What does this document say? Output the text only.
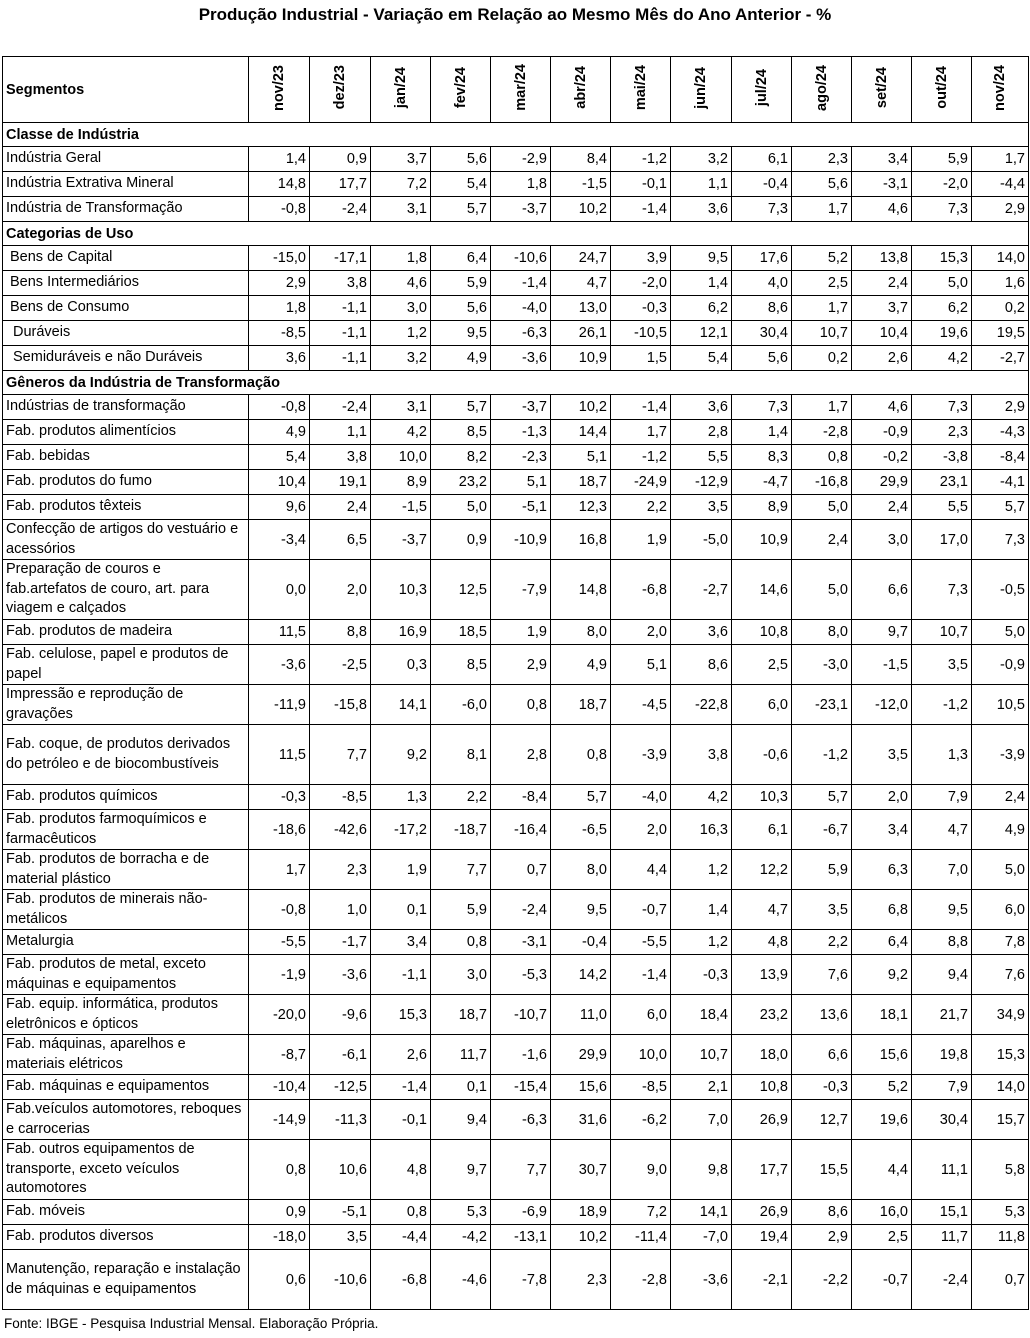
Produção Industrial - Variação em Relação ao Mesmo Mês do Ano Anterior - %
Segmentos	nov/23	dez/23	jan/24	fev/24	mar/24	abr/24	mai/24	jun/24	jul/24	ago/24	set/24	out/24	nov/24
Classe de Indústria													
Indústria Geral	1,4	0,9	3,7	5,6	-2,9	8,4	-1,2	3,2	6,1	2,3	3,4	5,9	1,7
Indústria Extrativa Mineral	14,8	17,7	7,2	5,4	1,8	-1,5	-0,1	1,1	-0,4	5,6	-3,1	-2,0	-4,4
Indústria de Transformação	-0,8	-2,4	3,1	5,7	-3,7	10,2	-1,4	3,6	7,3	1,7	4,6	7,3	2,9
Categorias de Uso													
Bens de Capital	-15,0	-17,1	1,8	6,4	-10,6	24,7	3,9	9,5	17,6	5,2	13,8	15,3	14,0
Bens Intermediários	2,9	3,8	4,6	5,9	-1,4	4,7	-2,0	1,4	4,0	2,5	2,4	5,0	1,6
Bens de Consumo	1,8	-1,1	3,0	5,6	-4,0	13,0	-0,3	6,2	8,6	1,7	3,7	6,2	0,2
Duráveis	-8,5	-1,1	1,2	9,5	-6,3	26,1	-10,5	12,1	30,4	10,7	10,4	19,6	19,5
Semiduráveis e não Duráveis	3,6	-1,1	3,2	4,9	-3,6	10,9	1,5	5,4	5,6	0,2	2,6	4,2	-2,7
Gêneros da Indústria de Transformação													
Indústrias de transformação	-0,8	-2,4	3,1	5,7	-3,7	10,2	-1,4	3,6	7,3	1,7	4,6	7,3	2,9
Fab. produtos alimentícios	4,9	1,1	4,2	8,5	-1,3	14,4	1,7	2,8	1,4	-2,8	-0,9	2,3	-4,3
Fab. bebidas	5,4	3,8	10,0	8,2	-2,3	5,1	-1,2	5,5	8,3	0,8	-0,2	-3,8	-8,4
Fab. produtos do fumo	10,4	19,1	8,9	23,2	5,1	18,7	-24,9	-12,9	-4,7	-16,8	29,9	23,1	-4,1
Fab. produtos têxteis	9,6	2,4	-1,5	5,0	-5,1	12,3	2,2	3,5	8,9	5,0	2,4	5,5	5,7
Confecção de artigos do vestuário e acessórios	-3,4	6,5	-3,7	0,9	-10,9	16,8	1,9	-5,0	10,9	2,4	3,0	17,0	7,3
Preparação de couros e fab.artefatos de couro, art. para viagem e calçados	0,0	2,0	10,3	12,5	-7,9	14,8	-6,8	-2,7	14,6	5,0	6,6	7,3	-0,5
Fab. produtos de madeira	11,5	8,8	16,9	18,5	1,9	8,0	2,0	3,6	10,8	8,0	9,7	10,7	5,0
Fab. celulose, papel e produtos de papel	-3,6	-2,5	0,3	8,5	2,9	4,9	5,1	8,6	2,5	-3,0	-1,5	3,5	-0,9
Impressão e reprodução de gravações	-11,9	-15,8	14,1	-6,0	0,8	18,7	-4,5	-22,8	6,0	-23,1	-12,0	-1,2	10,5
Fab. coque, de produtos derivados do petróleo e de biocombustíveis	11,5	7,7	9,2	8,1	2,8	0,8	-3,9	3,8	-0,6	-1,2	3,5	1,3	-3,9
Fab. produtos químicos	-0,3	-8,5	1,3	2,2	-8,4	5,7	-4,0	4,2	10,3	5,7	2,0	7,9	2,4
Fab. produtos farmoquímicos e farmacêuticos	-18,6	-42,6	-17,2	-18,7	-16,4	-6,5	2,0	16,3	6,1	-6,7	3,4	4,7	4,9
Fab. produtos de borracha e de material plástico	1,7	2,3	1,9	7,7	0,7	8,0	4,4	1,2	12,2	5,9	6,3	7,0	5,0
Fab. produtos de minerais não-metálicos	-0,8	1,0	0,1	5,9	-2,4	9,5	-0,7	1,4	4,7	3,5	6,8	9,5	6,0
Metalurgia	-5,5	-1,7	3,4	0,8	-3,1	-0,4	-5,5	1,2	4,8	2,2	6,4	8,8	7,8
Fab. produtos de metal, exceto máquinas e equipamentos	-1,9	-3,6	-1,1	3,0	-5,3	14,2	-1,4	-0,3	13,9	7,6	9,2	9,4	7,6
Fab. equip. informática, produtos eletrônicos e ópticos	-20,0	-9,6	15,3	18,7	-10,7	11,0	6,0	18,4	23,2	13,6	18,1	21,7	34,9
Fab. máquinas, aparelhos e materiais elétricos	-8,7	-6,1	2,6	11,7	-1,6	29,9	10,0	10,7	18,0	6,6	15,6	19,8	15,3
Fab. máquinas e equipamentos	-10,4	-12,5	-1,4	0,1	-15,4	15,6	-8,5	2,1	10,8	-0,3	5,2	7,9	14,0
Fab.veículos automotores, reboques e carrocerias	-14,9	-11,3	-0,1	9,4	-6,3	31,6	-6,2	7,0	26,9	12,7	19,6	30,4	15,7
Fab. outros equipamentos de transporte, exceto veículos automotores	0,8	10,6	4,8	9,7	7,7	30,7	9,0	9,8	17,7	15,5	4,4	11,1	5,8
Fab. móveis	0,9	-5,1	0,8	5,3	-6,9	18,9	7,2	14,1	26,9	8,6	16,0	15,1	5,3
Fab. produtos diversos	-18,0	3,5	-4,4	-4,2	-13,1	10,2	-11,4	-7,0	19,4	2,9	2,5	11,7	11,8
Manutenção, reparação e instalação de máquinas e equipamentos	0,6	-10,6	-6,8	-4,6	-7,8	2,3	-2,8	-3,6	-2,1	-2,2	-0,7	-2,4	0,7
Fonte: IBGE - Pesquisa Industrial Mensal. Elaboração Própria.
